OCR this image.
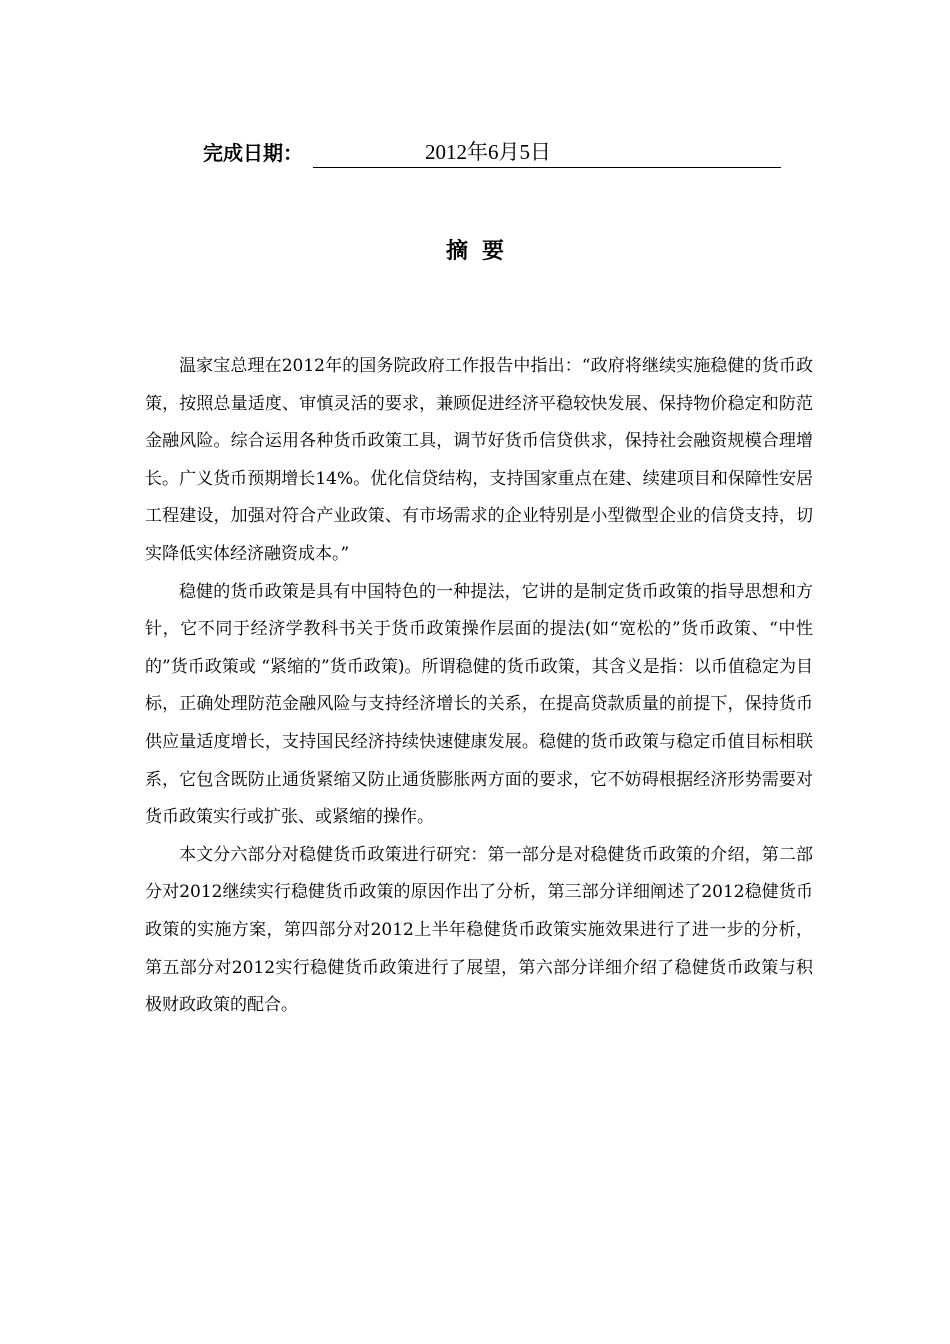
完成日期：	2012年6月5日
摘要

温家宝总理在2012年的国务院政府工作报告中指出：“政府将继续实施稳健的货币政策，按照总量适度、审慎灵活的要求，兼顾促进经济平稳较快发展、保持物价稳定和防范金融风险。综合运用各种货币政策工具，调节好货币信贷供求，保持社会融资规模合理增长。广义货币预期增长14%。优化信贷结构，支持国家重点在建、续建项目和保障性安居工程建设，加强对符合产业政策、有市场需求的企业特别是小型微型企业的信贷支持，切实降低实体经济融资成本。”

稳健的货币政策是具有中国特色的一种提法，它讲的是制定货币政策的指导思想和方针，它不同于经济学教科书关于货币政策操作层面的提法(如“宽松的”货币政策、“中性的”货币政策或 “紧缩的”货币政策)。所谓稳健的货币政策，其含义是指：以币值稳定为目标，正确处理防范金融风险与支持经济增长的关系，在提高贷款质量的前提下，保持货币供应量适度增长，支持国民经济持续快速健康发展。稳健的货币政策与稳定币值目标相联系，它包含既防止通货紧缩又防止通货膨胀两方面的要求，它不妨碍根据经济形势需要对货币政策实行或扩张、或紧缩的操作。

本文分六部分对稳健货币政策进行研究：第一部分是对稳健货币政策的介绍，第二部分对2012继续实行稳健货币政策的原因作出了分析，第三部分详细阐述了2012稳健货币政策的实施方案，第四部分对2012上半年稳健货币政策实施效果进行了进一步的分析，第五部分对2012实行稳健货币政策进行了展望，第六部分详细介绍了稳健货币政策与积极财政政策的配合。
